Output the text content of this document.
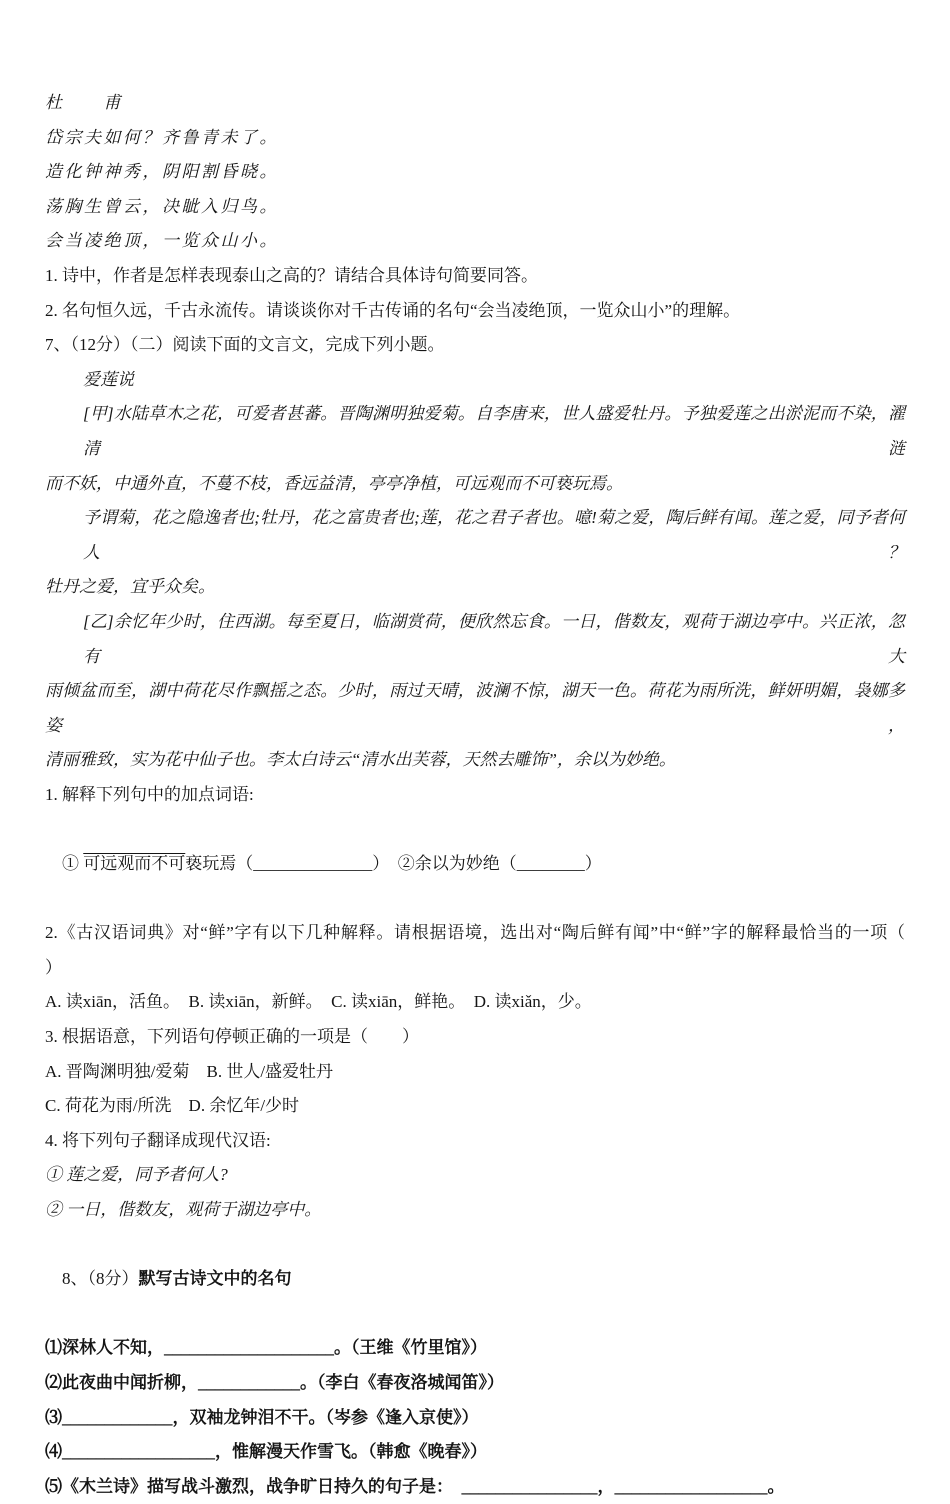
杜　　甫
岱宗夫如何？齐鲁青未了。
造化钟神秀，阴阳割昏晓。
荡胸生曾云，决眦入归鸟。
会当凌绝顶，一览众山小。
1. 诗中，作者是怎样表现泰山之高的？请结合具体诗句简要同答。
2. 名句恒久远，千古永流传。请谈谈你对千古传诵的名句“会当凌绝顶，一览众山小”的理解。
7、（12分）（二）阅读下面的文言文，完成下列小题。
爱莲说
[甲]水陆草木之花，可爱者甚蕃。晋陶渊明独爱菊。自李唐来，世人盛爱牡丹。予独爱莲之出淤泥而不染，濯清涟
而不妖，中通外直，不蔓不枝，香远益清，亭亭净植，可远观而不可亵玩焉。
予谓菊，花之隐逸者也;牡丹，花之富贵者也;莲，花之君子者也。噫!菊之爱，陶后鲜有闻。莲之爱，同予者何人？
牡丹之爱，宜乎众矣。
[乙]余忆年少时，住西湖。每至夏日，临湖赏荷，便欣然忘食。一日，偕数友，观荷于湖边亭中。兴正浓，忽有大
雨倾盆而至，湖中荷花尽作飘摇之态。少时，雨过天晴，波澜不惊，湖天一色。荷花为雨所洗，鲜妍明媚，袅娜多姿，
清丽雅致，实为花中仙子也。李太白诗云“清水出芙蓉，天然去雕饰”，余以为妙绝。
1. 解释下列句中的加点词语:

① 可远观而不可亵玩焉（______________）　②余以为妙绝（________）

2.《古汉语词典》对“鲜”字有以下几种解释。请根据语境，选出对“陶后鲜有闻”中“鲜”字的解释最恰当的一项（
）
A. 读xiān，活鱼。　B. 读xiān，新鲜。　C. 读xiān，鲜艳。　D. 读xiǎn，少。
3. 根据语意，下列语句停顿正确的一项是（　　）
A. 晋陶渊明独/爱菊　B. 世人/盛爱牡丹
C. 荷花为雨/所洗　D. 余忆年/少时
4. 将下列句子翻译成现代汉语:
① 莲之爱，同予者何人?
② 一日，偕数友，观荷于湖边亭中。

8、（8分）默写古诗文中的名句

⑴深林人不知，____________________。（王维《竹里馆》）
⑵此夜曲中闻折柳，____________。（李白《春夜洛城闻笛》）
⑶_____________，双袖龙钟泪不干。（岑参《逢入京使》）
⑷__________________，惟解漫天作雪飞。（韩愈《晚春》）
⑸《木兰诗》描写战斗激烈，战争旷日持久的句子是：　________________，__________________。
